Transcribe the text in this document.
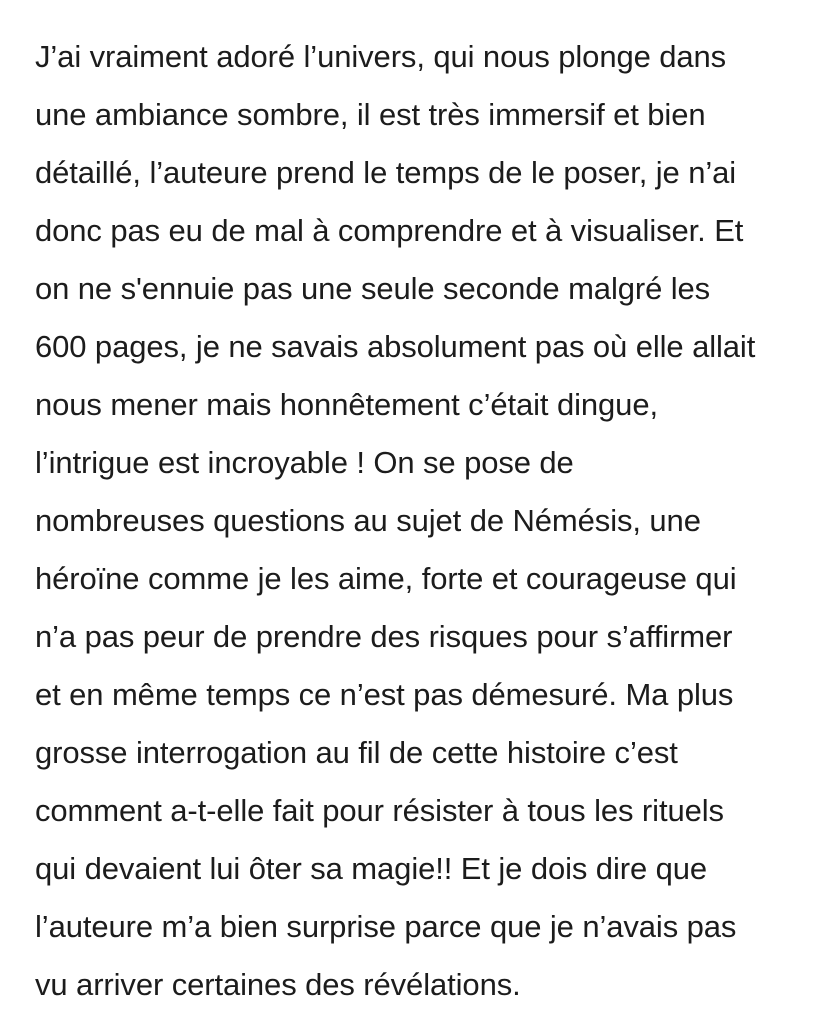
J’ai vraiment adoré l’univers, qui nous plonge dans
une ambiance sombre, il est très immersif et bien
détaillé, l’auteure prend le temps de le poser, je n’ai
donc pas eu de mal à comprendre et à visualiser. Et
on ne s'ennuie pas une seule seconde malgré les
600 pages, je ne savais absolument pas où elle allait
nous mener mais honnêtement c’était dingue,
l’intrigue est incroyable ! On se pose de
nombreuses questions au sujet de Némésis, une
héroïne comme je les aime, forte et courageuse qui
n’a pas peur de prendre des risques pour s’affirmer
et en même temps ce n’est pas démesuré. Ma plus
grosse interrogation au fil de cette histoire c’est
comment a-t-elle fait pour résister à tous les rituels
qui devaient lui ôter sa magie!! Et je dois dire que
l’auteure m’a bien surprise parce que je n’avais pas
vu arriver certaines des révélations.
